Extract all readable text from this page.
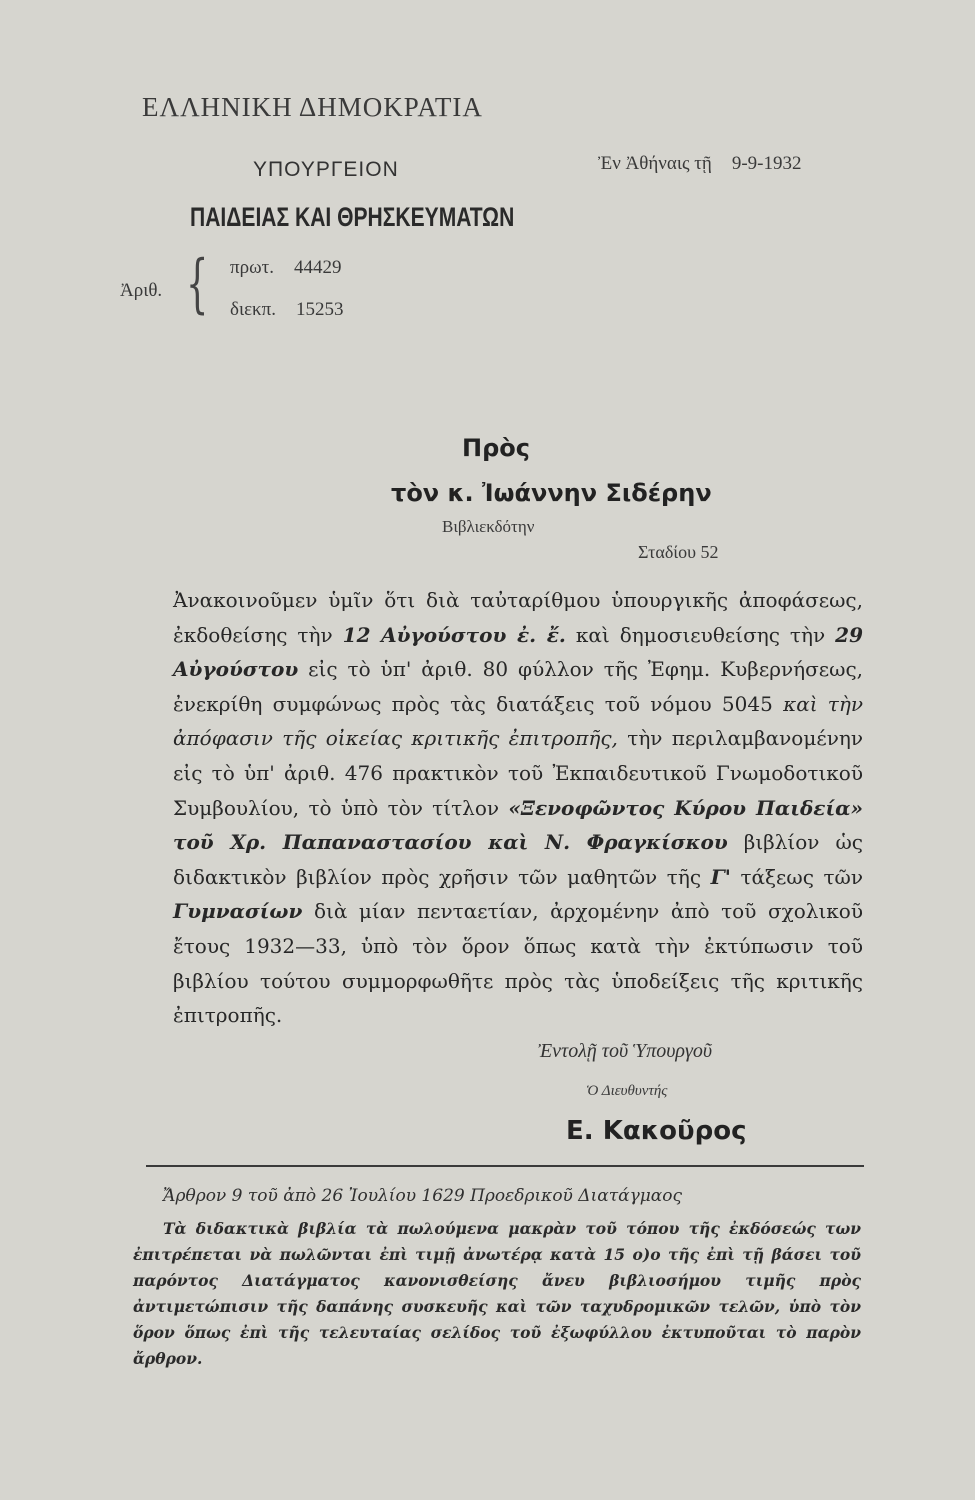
ΕΛΛΗΝΙΚΗ ΔΗΜΟΚΡΑΤΙΑ
ΥΠΟΥΡΓΕΙΟΝ
ΠΑΙΔΕΙΑΣ ΚΑΙ ΘΡΗΣΚΕΥΜΑΤΩΝ
Ἐν Ἀθήναις τῇ 9-9-1932
Ἀριθ. { πρωτ. 44429
διεκπ. 15253
Πρὸς
τὸν κ. Ἰωάννην Σιδέρην
Βιβλιεκδότην
Σταδίου 52

Ἀνακοινοῦμεν ὑμῖν ὅτι διὰ ταὐταρίθμου ὑπουργικῆς ἀποφάσεως, ἐκδοθείσης τὴν 12 Αὐγούστου ἐ. ἔ. καὶ δημοσιευθείσης τὴν 29 Αὐγούστου εἰς τὸ ὑπ' ἀριθ. 80 φύλλον τῆς Ἐφημ. Κυβερνήσεως, ἐνεκρίθη συμφώνως πρὸς τὰς διατάξεις τοῦ νόμου 5045 καὶ τὴν ἀπόφασιν τῆς οἰκείας κριτικῆς ἐπιτροπῆς, τὴν περιλαμβανομένην εἰς τὸ ὑπ' ἀριθ. 476 πρακτικὸν τοῦ Ἐκπαιδευτικοῦ Γνωμοδοτικοῦ Συμβουλίου, τὸ ὑπὸ τὸν τίτλον «Ξενοφῶντος Κύρου Παιδεία» τοῦ Χρ. Παπαναστασίου καὶ Ν. Φραγκίσκου βιβλίον ὡς διδακτικὸν βιβλίον πρὸς χρῆσιν τῶν μαθητῶν τῆς Γ' τάξεως τῶν Γυμνασίων διὰ μίαν πενταετίαν, ἀρχομένην ἀπὸ τοῦ σχολικοῦ ἔτους 1932—33, ὑπὸ τὸν ὅρον ὅπως κατὰ τὴν ἐκτύπωσιν τοῦ βιβλίου τούτου συμμορφωθῆτε πρὸς τὰς ὑποδείξεις τῆς κριτικῆς ἐπιτροπῆς.

Ἐντολῇ τοῦ Ὑπουργοῦ
Ὁ Διευθυντής
Ε. Κακοῦρος
Ἄρθρον 9 τοῦ ἀπὸ 26 Ἰουλίου 1629 Προεδρικοῦ Διατάγμαος
Τὰ διδακτικὰ βιβλία τὰ πωλούμενα μακρὰν τοῦ τόπου τῆς ἐκδόσεώς των ἐπιτρέπεται νὰ πωλῶνται ἐπὶ τιμῇ ἀνωτέρᾳ κατὰ 15 ο)ο τῆς ἐπὶ τῇ βάσει τοῦ παρόντος Διατάγματος κανονισθείσης ἄνευ βιβλιοσήμου τιμῆς πρὸς ἀντιμετώπισιν τῆς δαπάνης συσκευῆς καὶ τῶν ταχυδρομικῶν τελῶν, ὑπὸ τὸν ὅρον ὅπως ἐπὶ τῆς τελευταίας σελίδος τοῦ ἐξωφύλλου ἐκτυποῦται τὸ παρὸν ἄρθρον.
